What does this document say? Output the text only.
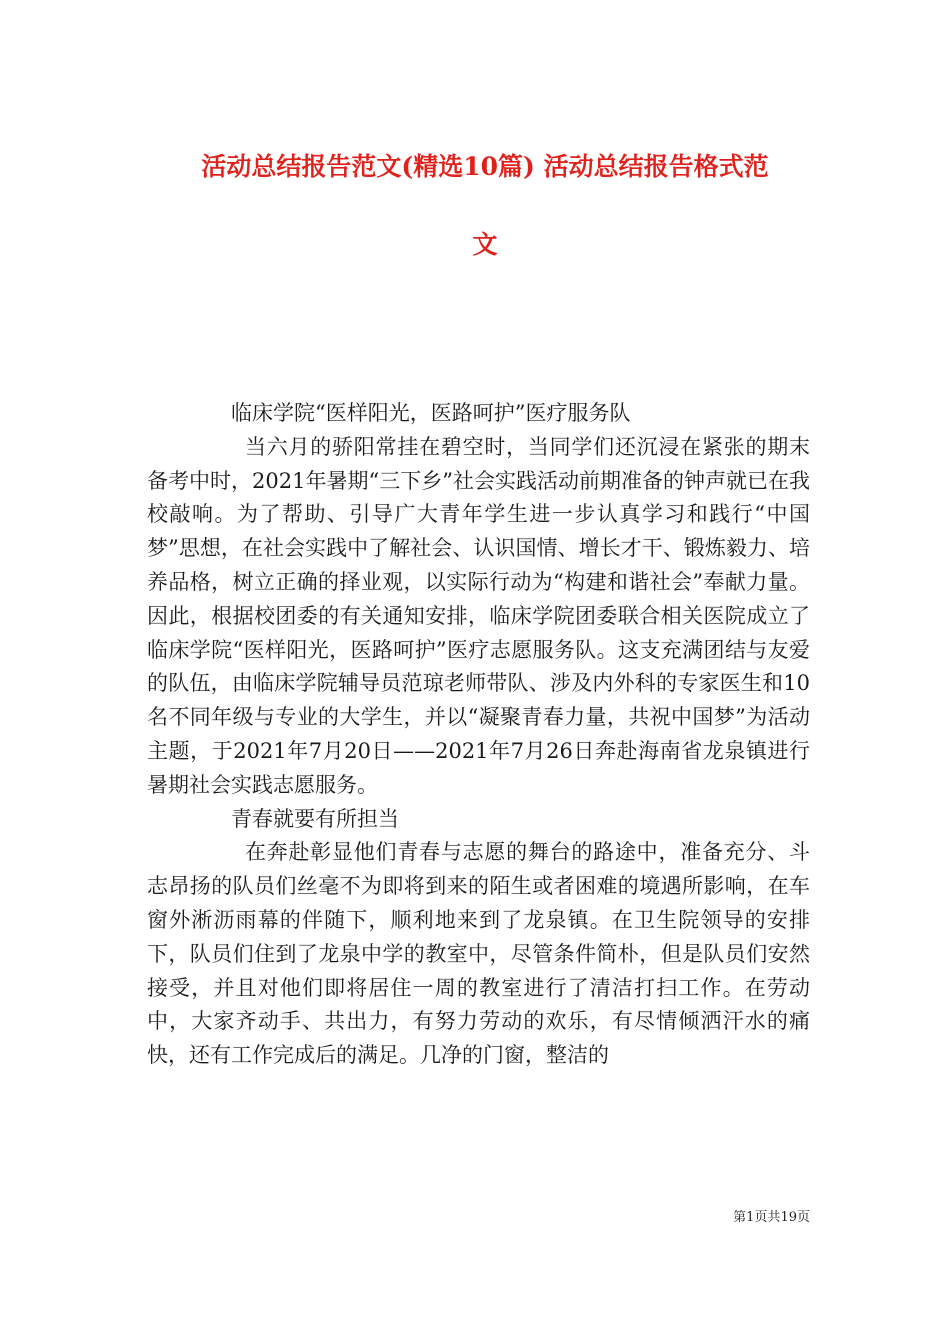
活动总结报告范文(精选10篇) 活动总结报告格式范
文

临床学院“医样阳光，医路呵护”医疗服务队

当六月的骄阳常挂在碧空时，当同学们还沉浸在紧张的期末备考中时，2021年暑期“三下乡”社会实践活动前期准备的钟声就已在我校敲响。为了帮助、引导广大青年学生进一步认真学习和践行“中国梦”思想，在社会实践中了解社会、认识国情、增长才干、锻炼毅力、培养品格，树立正确的择业观，以实际行动为“构建和谐社会”奉献力量。因此，根据校团委的有关通知安排，临床学院团委联合相关医院成立了临床学院“医样阳光，医路呵护”医疗志愿服务队。这支充满团结与友爱的队伍，由临床学院辅导员范琼老师带队、涉及内外科的专家医生和10名不同年级与专业的大学生，并以“凝聚青春力量，共祝中国梦”为活动主题，于2021年7月20日——2021年7月26日奔赴海南省龙泉镇进行暑期社会实践志愿服务。

青春就要有所担当

在奔赴彰显他们青春与志愿的舞台的路途中，准备充分、斗志昂扬的队员们丝毫不为即将到来的陌生或者困难的境遇所影响，在车窗外淅沥雨幕的伴随下，顺利地来到了龙泉镇。在卫生院领导的安排下，队员们住到了龙泉中学的教室中，尽管条件简朴，但是队员们安然接受，并且对他们即将居住一周的教室进行了清洁打扫工作。在劳动中，大家齐动手、共出力，有努力劳动的欢乐，有尽情倾洒汗水的痛快，还有工作完成后的满足。几净的门窗，整洁的

第1页共19页
